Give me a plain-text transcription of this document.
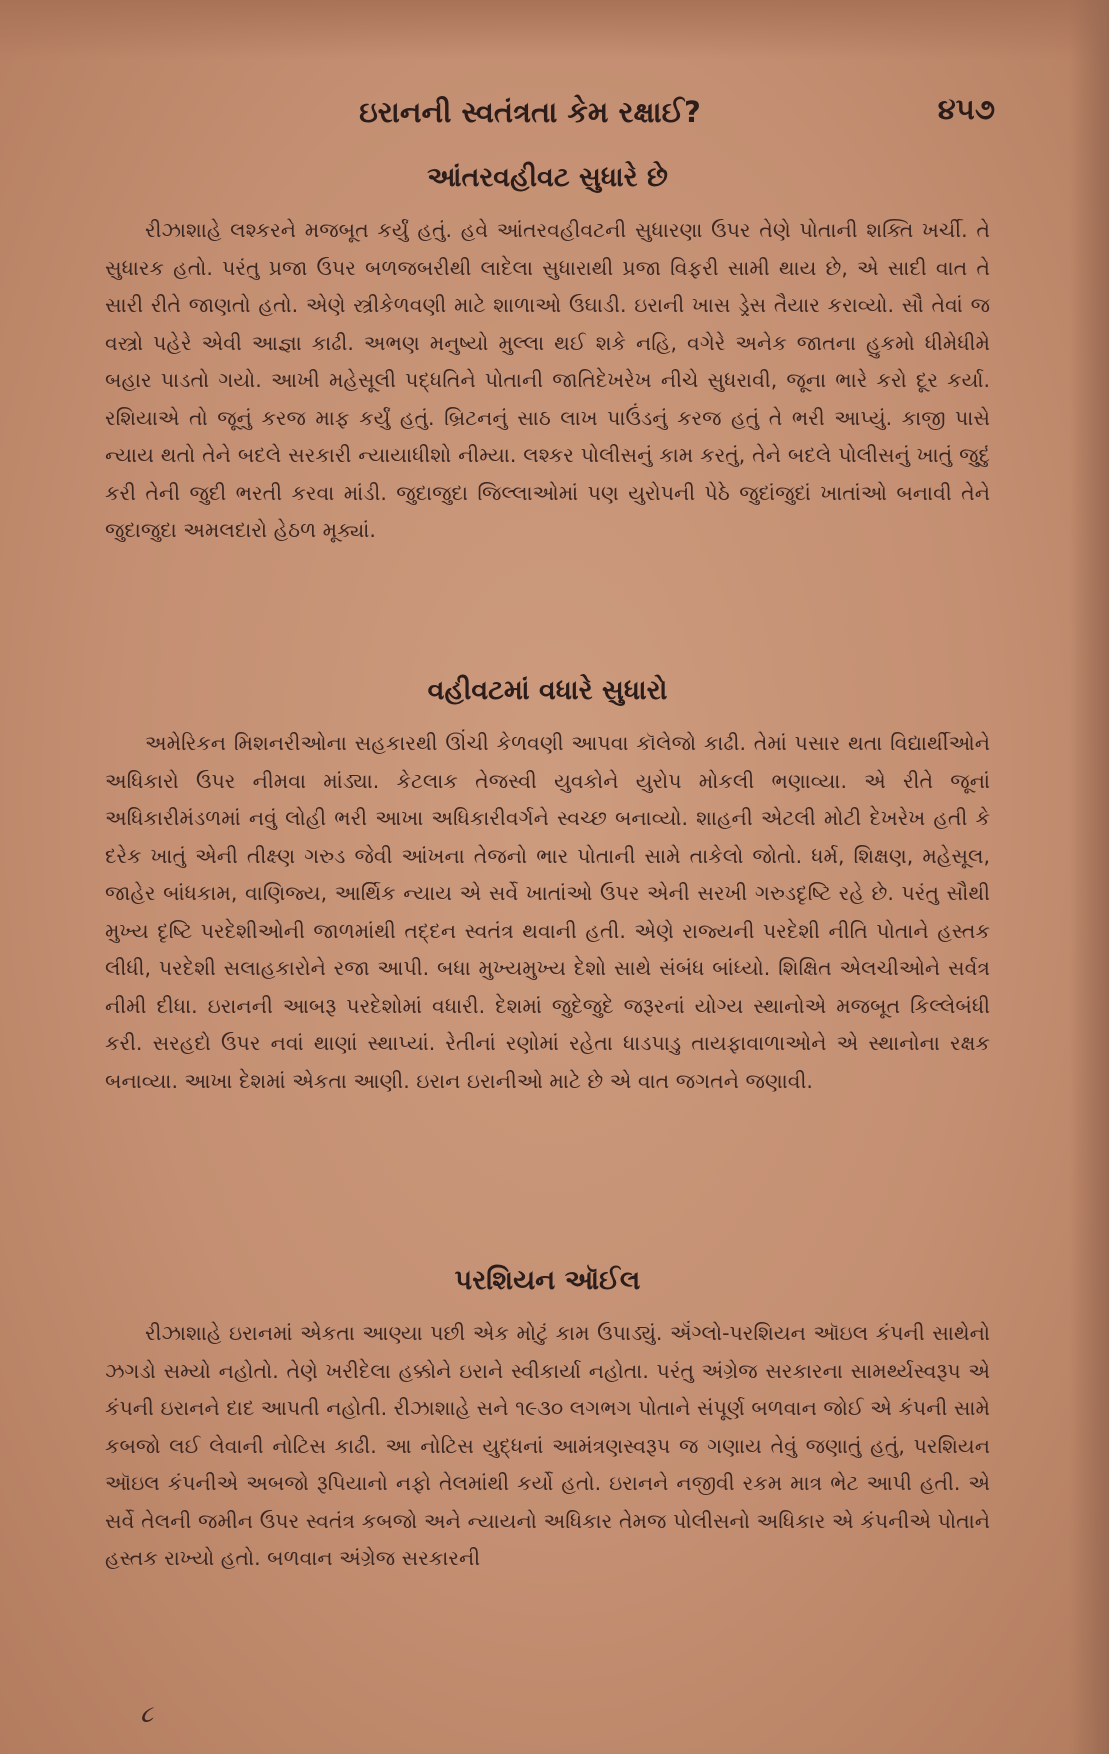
ઇરાનની સ્વતંત્રતા કેમ રક્ષાઈ?	૪૫૭
આંતરવહીવટ સુધારે છે

રીઝાશાહે લશ્કરને મજબૂત કર્યું હતું. હવે આંતરવહીવટની સુધારણા ઉપર તેણે પોતાની શક્તિ ખર્ચી. તે સુધારક હતો. પરંતુ પ્રજા ઉપર બળજબરીથી લાદેલા સુધારાથી પ્રજા વિફરી સામી થાય છે, એ સાદી વાત તે સારી રીતે જાણતો હતો. એણે સ્ત્રીકેળવણી માટે શાળાઓ ઉઘાડી. ઇરાની ખાસ ડ્રેસ તૈયાર કરાવ્યો. સૌ તેવાં જ વસ્ત્રો પહેરે એવી આજ્ઞા કાઢી. અભણ મનુષ્યો મુલ્લા થઈ શકે નહિ, વગેરે અનેક જાતના હુકમો ધીમેધીમે બહાર પાડતો ગયો. આખી મહેસૂલી પદ્ધતિને પોતાની જાતિદેખરેખ નીચે સુધરાવી, જૂના ભારે કરો દૂર કર્યા. રશિયાએ તો જૂનું કરજ માફ કર્યું હતું. બ્રિટનનું સાઠ લાખ પાઉંડનું કરજ હતું તે ભરી આપ્યું. કાજી પાસે ન્યાય થતો તેને બદલે સરકારી ન્યાયાધીશો નીમ્યા. લશ્કર પોલીસનું કામ કરતું, તેને બદલે પોલીસનું ખાતું જુદું કરી તેની જુદી ભરતી કરવા માંડી. જુદાજુદા જિલ્લાઓમાં પણ યુરોપની પેઠે જુદાંજુદાં ખાતાંઓ બનાવી તેને જુદાજુદા અમલદારો હેઠળ મૂક્યાં.

વહીવટમાં વધારે સુધારો

અમેરિકન મિશનરીઓના સહકારથી ઊંચી કેળવણી આપવા કૉલેજો કાઢી. તેમાં પસાર થતા વિદ્યાર્થીઓને અધિકારો ઉપર નીમવા માંડ્યા. કેટલાક તેજસ્વી યુવકોને યુરોપ મોકલી ભણાવ્યા. એ રીતે જૂનાં અધિકારીમંડળમાં નવું લોહી ભરી આખા અધિકારીવર્ગને સ્વચ્છ બનાવ્યો. શાહની એટલી મોટી દેખરેખ હતી કે દરેક ખાતું એની તીક્ષ્ણ ગરુડ જેવી આંખના તેજનો ભાર પોતાની સામે તાકેલો જોતો. ધર્મ, શિક્ષણ, મહેસૂલ, જાહેર બાંધકામ, વાણિજ્ય, આર્થિક ન્યાય એ સર્વે ખાતાંઓ ઉપર એની સરખી ગરુડદૃષ્ટિ રહે છે. પરંતુ સૌથી મુખ્ય દૃષ્ટિ પરદેશીઓની જાળમાંથી તદ્દન સ્વતંત્ર થવાની હતી. એણે રાજ્યની પરદેશી નીતિ પોતાને હસ્તક લીધી, પરદેશી સલાહકારોને રજા આપી. બધા મુખ્યમુખ્ય દેશો સાથે સંબંધ બાંધ્યો. શિક્ષિત એલચીઓને સર્વત્ર નીમી દીધા. ઇરાનની આબરૂ પરદેશોમાં વધારી. દેશમાં જુદેજુદે જરૂરનાં યોગ્ય સ્થાનોએ મજબૂત કિલ્લેબંધી કરી. સરહદો ઉપર નવાં થાણાં સ્થાપ્યાં. રેતીનાં રણોમાં રહેતા ધાડપાડુ તાયફાવાળાઓને એ સ્થાનોના રક્ષક બનાવ્યા. આખા દેશમાં એકતા આણી. ઇરાન ઇરાનીઓ માટે છે એ વાત જગતને જણાવી.

પરશિયન ઑઈલ

રીઝાશાહે ઇરાનમાં એકતા આણ્યા પછી એક મોટું કામ ઉપાડ્યું. ઍંગ્લો-પરશિયન ઑઇલ કંપની સાથેનો ઝગડો સમ્યો નહોતો. તેણે ખરીદેલા હક્કોને ઇરાને સ્વીકાર્યા નહોતા. પરંતુ અંગ્રેજ સરકારના સામર્થ્યસ્વરૂપ એ કંપની ઇરાનને દાદ આપતી નહોતી. રીઝાશાહે સને ૧૯૩૦ લગભગ પોતાને સંપૂર્ણ બળવાન જોઈ એ કંપની સામે કબજો લઈ લેવાની નોટિસ કાઢી. આ નોટિસ યુદ્ધનાં આમંત્રણસ્વરૂપ જ ગણાય તેવું જણાતું હતું, પરશિયન ઑઇલ કંપનીએ અબજો રૂપિયાનો નફો તેલમાંથી કર્યો હતો. ઇરાનને નજીવી રકમ માત્ર ભેટ આપી હતી. એ સર્વે તેલની જમીન ઉપર સ્વતંત્ર કબજો અને ન્યાયનો અધિકાર તેમજ પોલીસનો અધિકાર એ કંપનીએ પોતાને હસ્તક રાખ્યો હતો. બળવાન અંગ્રેજ સરકારની

૮
